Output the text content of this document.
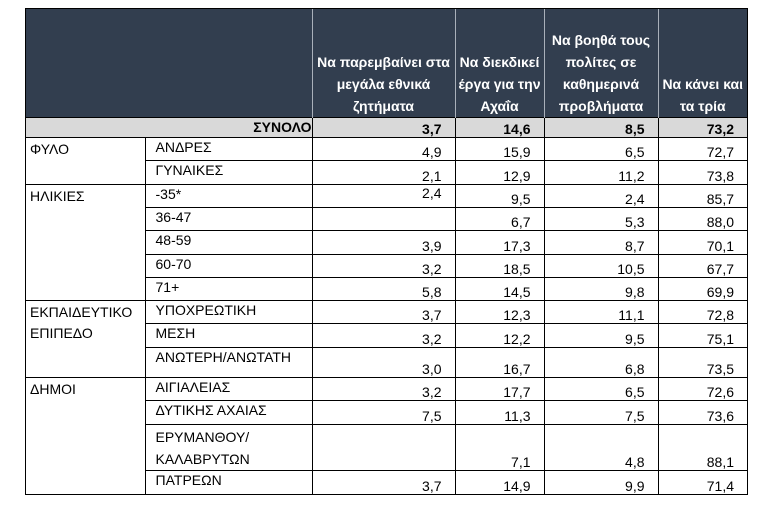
		Να παρεμβαίνει στα μεγάλα εθνικά ζητήματα	Να διεκδικεί έργα για την Αχαΐα	Να βοηθά τους πολίτες σε καθημερινά προβλήματα	Να κάνει και τα τρία
ΣΥΝΟΛΟ		3,7	14,6	8,5	73,2
ΦΥΛΟ	ΑΝΔΡΕΣ	4,9	15,9	6,5	72,7
	ΓΥΝΑΙΚΕΣ	2,1	12,9	11,2	73,8
ΗΛΙΚΙΕΣ	-35*	2,4	9,5	2,4	85,7
	36-47		6,7	5,3	88,0
	48-59	3,9	17,3	8,7	70,1
	60-70	3,2	18,5	10,5	67,7
	71+	5,8	14,5	9,8	69,9
ΕΚΠΑΙΔΕΥΤΙΚΟ ΕΠΙΠΕΔΟ	ΥΠΟΧΡΕΩΤΙΚΗ	3,7	12,3	11,1	72,8
	ΜΕΣΗ	3,2	12,2	9,5	75,1
	ΑΝΩΤΕΡΗ/ΑΝΩΤΑΤΗ	3,0	16,7	6,8	73,5
ΔΗΜΟΙ	ΑΙΓΙΑΛΕΙΑΣ	3,2	17,7	6,5	72,6
	ΔΥΤΙΚΗΣ ΑΧΑΙΑΣ	7,5	11,3	7,5	73,6
	ΕΡΥΜΑΝΘΟΥ/ ΚΑΛΑΒΡΥΤΩΝ		7,1	4,8	88,1
	ΠΑΤΡΕΩΝ	3,7	14,9	9,9	71,4
